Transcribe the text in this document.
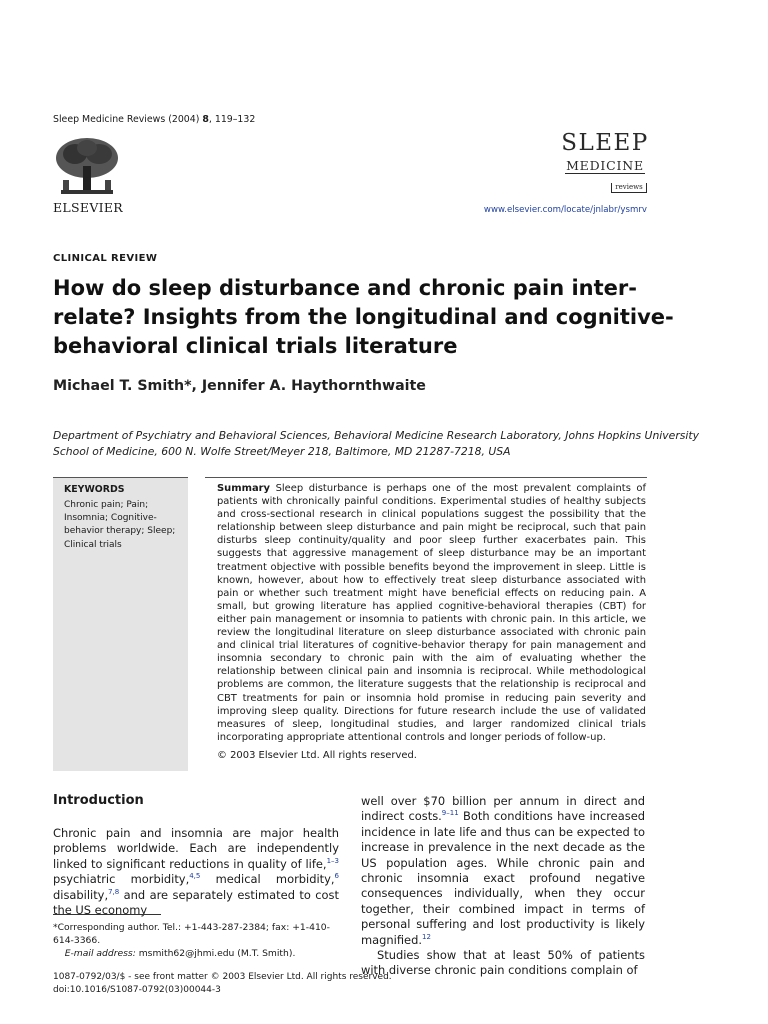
Sleep Medicine Reviews (2004) 8, 119–132
ELSEVIER
SLEEP
MEDICINE
reviews
www.elsevier.com/locate/jnlabr/ysmrv
CLINICAL REVIEW
How do sleep disturbance and chronic pain inter-relate? Insights from the longitudinal and cognitive-behavioral clinical trials literature
Michael T. Smith*, Jennifer A. Haythornthwaite
Department of Psychiatry and Behavioral Sciences, Behavioral Medicine Research Laboratory, Johns Hopkins University School of Medicine, 600 N. Wolfe Street/Meyer 218, Baltimore, MD 21287-7218, USA
KEYWORDS
Chronic pain; Pain; Insomnia; Cognitive-behavior therapy; Sleep; Clinical trials
Summary Sleep disturbance is perhaps one of the most prevalent complaints of patients with chronically painful conditions. Experimental studies of healthy subjects and cross-sectional research in clinical populations suggest the possibility that the relationship between sleep disturbance and pain might be reciprocal, such that pain disturbs sleep continuity/quality and poor sleep further exacerbates pain. This suggests that aggressive management of sleep disturbance may be an important treatment objective with possible benefits beyond the improvement in sleep. Little is known, however, about how to effectively treat sleep disturbance associated with pain or whether such treatment might have beneficial effects on reducing pain. A small, but growing literature has applied cognitive-behavioral therapies (CBT) for either pain management or insomnia to patients with chronic pain. In this article, we review the longitudinal literature on sleep disturbance associated with chronic pain and clinical trial literatures of cognitive-behavior therapy for pain management and insomnia secondary to chronic pain with the aim of evaluating whether the relationship between clinical pain and insomnia is reciprocal. While methodological problems are common, the literature suggests that the relationship is reciprocal and CBT treatments for pain or insomnia hold promise in reducing pain severity and improving sleep quality. Directions for future research include the use of validated measures of sleep, longitudinal studies, and larger randomized clinical trials incorporating appropriate attentional controls and longer periods of follow-up.
© 2003 Elsevier Ltd. All rights reserved.
Introduction
Chronic pain and insomnia are major health problems worldwide. Each are independently linked to significant reductions in quality of life,$^{1-3}$ psychiatric morbidity,$^{4,5}$ medical morbidity,$^6$ disability,$^{7,8}$ and are separately estimated to cost the US economy

well over $70 billion per annum in direct and indirect costs.$^{9-11}$ Both conditions have increased incidence in late life and thus can be expected to increase in prevalence in the next decade as the US population ages. While chronic pain and chronic insomnia exact profound negative consequences individually, when they occur together, their combined impact in terms of personal suffering and lost productivity is likely magnified.$^{12}$

Studies show that at least 50% of patients with diverse chronic pain conditions complain of

*Corresponding author. Tel.: +1-443-287-2384; fax: +1-410-614-3366.
E-mail address: msmith62@jhmi.edu (M.T. Smith).
1087-0792/03/$ - see front matter © 2003 Elsevier Ltd. All rights reserved.
doi:10.1016/S1087-0792(03)00044-3
